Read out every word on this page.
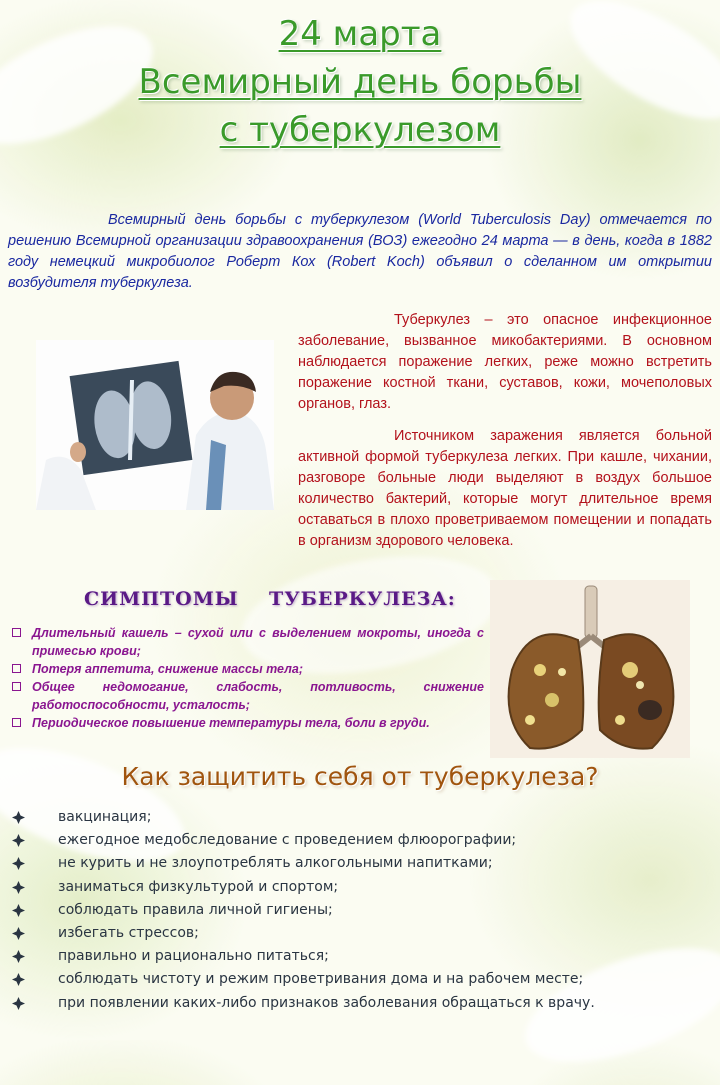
24 марта
Всемирный день борьбы
с туберкулезом
Всемирный день борьбы с туберкулезом (World Tuberculosis Day) отмечается по решению Всемирной организации здравоохранения (ВОЗ) ежегодно 24 марта — в день, когда в 1882 году немецкий микробиолог Роберт Кох (Robert Koch) объявил о сделанном им открытии возбудителя туберкулеза.
Туберкулез – это опасное инфекционное заболевание, вызванное микобактериями. В основном наблюдается поражение легких, реже можно встретить поражение костной ткани, суставов, кожи, мочеполовых органов, глаз.
Источником заражения является больной активной формой туберкулеза легких. При кашле, чихании, разговоре больные люди выделяют в воздух большое количество бактерий, которые могут длительное время оставаться в плохо проветриваемом помещении и попадать в организм здорового человека.
СИМПТОМЫ    ТУБЕРКУЛЕЗА:
Длительный кашель – сухой или с выделением мокроты, иногда с примесью крови;
Потеря аппетита, снижение массы тела;
Общее недомогание, слабость, потливость, снижение работоспособности, усталость;
Периодическое повышение температуры тела, боли в груди.
Как защитить себя от туберкулеза?
вакцинация;
ежегодное медобследование с проведением флюорографии;
не курить и не злоупотреблять алкогольными напитками;
заниматься физкультурой и спортом;
соблюдать правила личной гигиены;
избегать стрессов;
правильно и рационально питаться;
соблюдать чистоту и режим проветривания дома и на рабочем месте;
при появлении каких-либо признаков заболевания обращаться к врачу.
